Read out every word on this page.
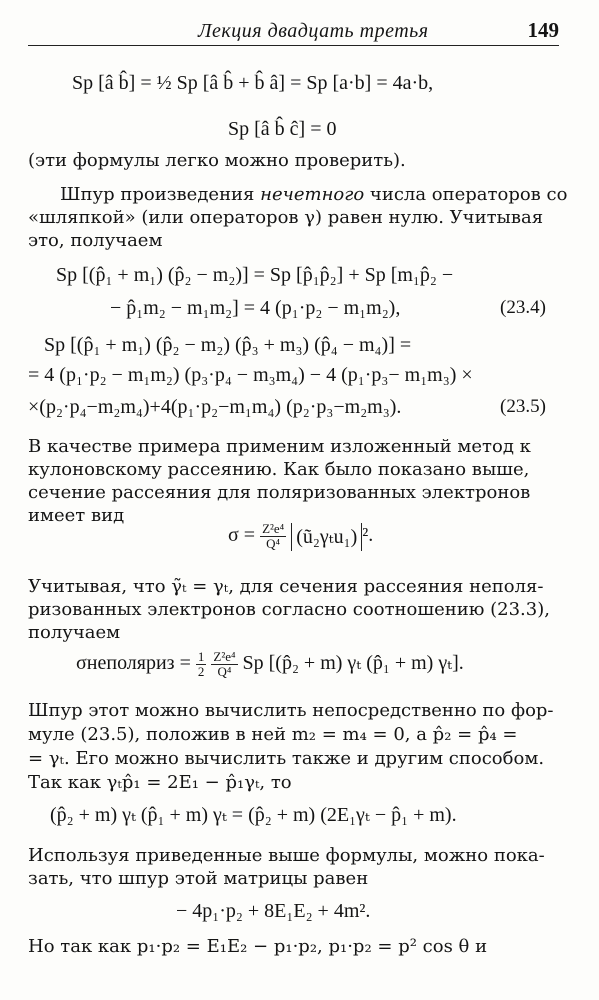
Лекция двадцать третья	149
Sp [â b̂] = ½ Sp [â b̂ + b̂ â] = Sp [a·b] = 4a·b,
Sp [â b̂ ĉ] = 0
(эти формулы легко можно проверить).
Шпур произведения нечетного числа операторов со
«шляпкой» (или операторов γ) равен нулю. Учитывая
это, получаем
Sp [(p̂₁ + m₁) (p̂₂ − m₂)] = Sp [p̂₁p̂₂] + Sp [m₁p̂₂ −
− p̂₁m₂ − m₁m₂] = 4 (p₁·p₂ − m₁m₂),	(23.4)
Sp [(p̂₁ + m₁) (p̂₂ − m₂) (p̂₃ + m₃) (p̂₄ − m₄)] =
= 4 (p₁·p₂ − m₁m₂) (p₃·p₄ − m₃m₄) − 4 (p₁·p₃− m₁m₃) ×
×(p₂·p₄−m₂m₄)+4(p₁·p₂−m₁m₄) (p₂·p₃−m₂m₃).	(23.5)
В качестве примера применим изложенный метод к
кулоновскому рассеянию. Как было показано выше,
сечение рассеяния для поляризованных электронов
имеет вид
$\sigma = \frac{\text{Z²e⁴}}{\text{Q⁴}}$ (ũ₂γₜu₁) ².
Учитывая, что γ̃ₜ = γₜ, для сечения рассеяния неполя-
ризованных электронов согласно соотношению (23.3),
получаем
σнеполяриз = $\frac{1}{2}$
$\frac{\text{Z²e⁴}}{\text{Q⁴}}$ Sp [(p̂₂ + m) γₜ (p̂₁ + m) γₜ].
Шпур этот можно вычислить непосредственно по фор-
муле (23.5), положив в ней m₂ = m₄ = 0, а p̂₂ = p̂₄ =
= γₜ. Его можно вычислить также и другим способом.
Так как γₜp̂₁ = 2E₁ − p̂₁γₜ, то
(p̂₂ + m) γₜ (p̂₁ + m) γₜ = (p̂₂ + m) (2E₁γₜ − p̂₁ + m).
Используя приведенные выше формулы, можно пока-
зать, что шпур этой матрицы равен
− 4p₁·p₂ + 8E₁E₂ + 4m².
Но так как p₁·p₂ = E₁E₂ − p₁·p₂, p₁·p₂ = p² cos θ и
